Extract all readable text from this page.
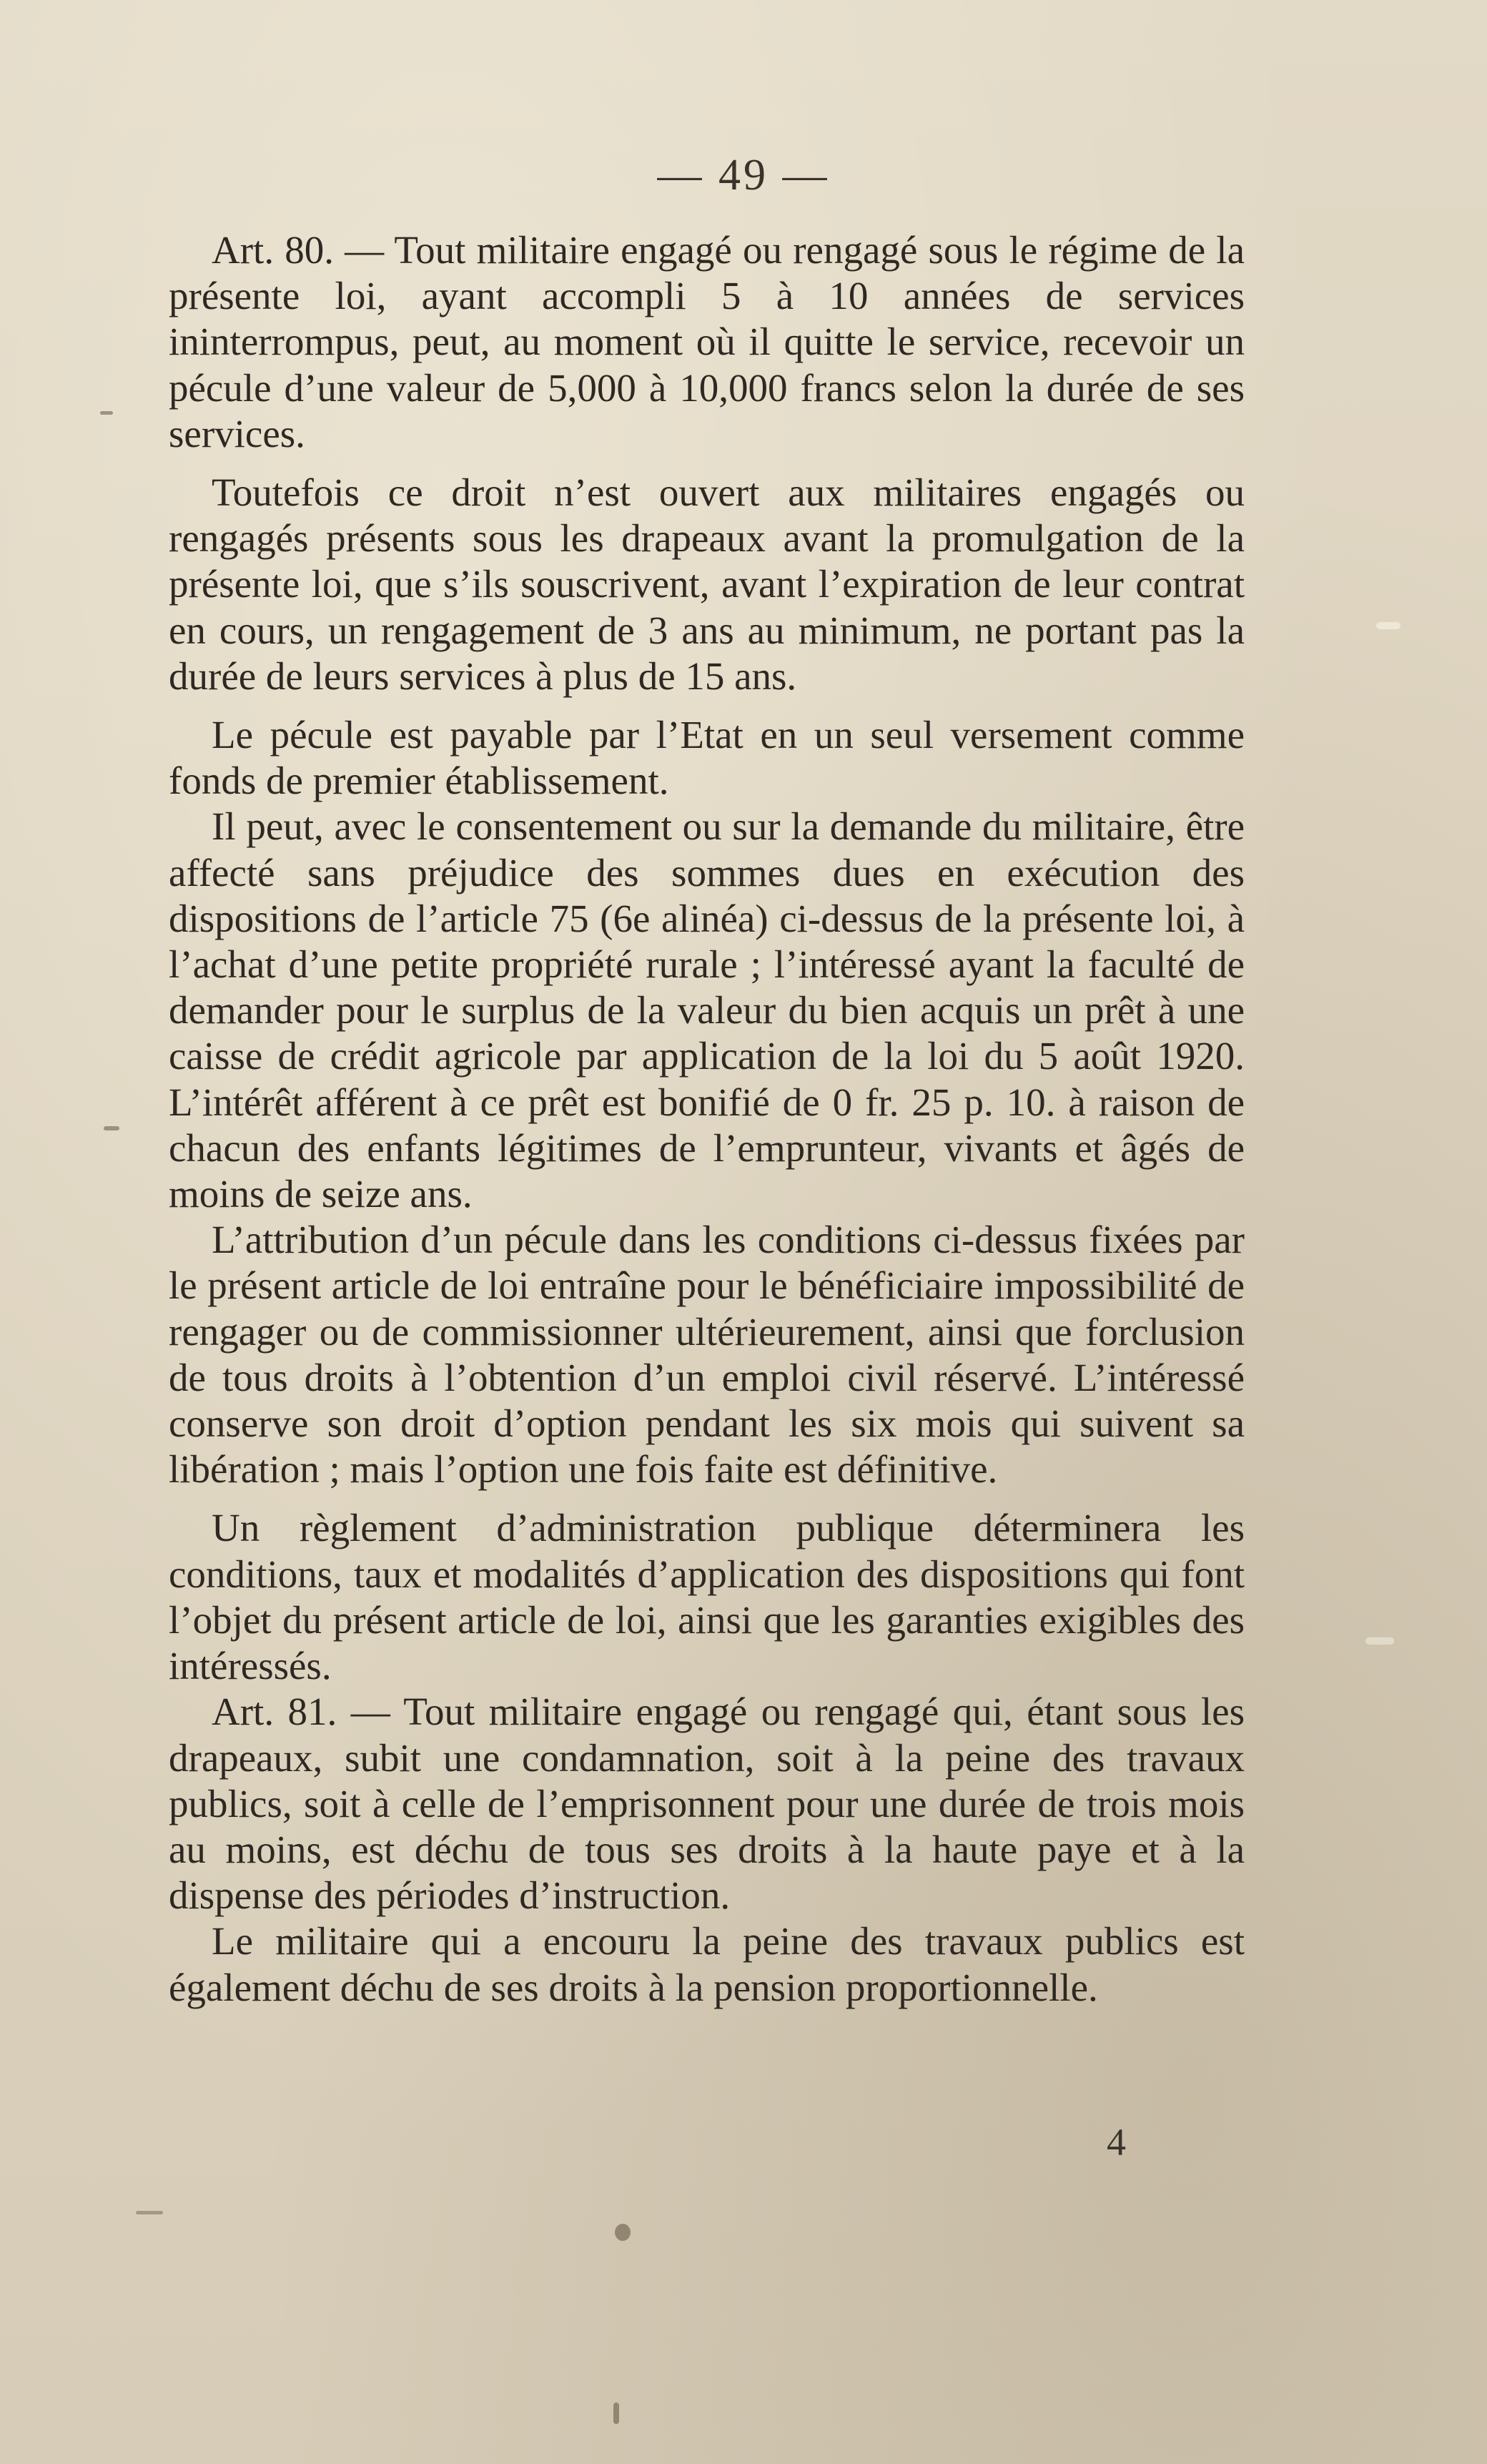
— 49 —

Art. 80. — Tout militaire engagé ou rengagé sous le régime de la présente loi, ayant accompli 5 à 10 années de services ininterrompus, peut, au moment où il quitte le service, recevoir un pécule d’une valeur de 5,000 à 10,000 francs selon la durée de ses services.

Toutefois ce droit n’est ouvert aux militaires engagés ou rengagés présents sous les drapeaux avant la promulgation de la présente loi, que s’ils souscrivent, avant l’expiration de leur contrat en cours, un rengagement de 3 ans au minimum, ne portant pas la durée de leurs services à plus de 15 ans.

Le pécule est payable par l’Etat en un seul versement comme fonds de premier établissement.

Il peut, avec le consentement ou sur la demande du militaire, être affecté sans préjudice des sommes dues en exécution des dispositions de l’article 75 (6e alinéa) ci-dessus de la présente loi, à l’achat d’une petite propriété rurale ; l’intéressé ayant la faculté de demander pour le surplus de la valeur du bien acquis un prêt à une caisse de crédit agricole par application de la loi du 5 août 1920. L’intérêt afférent à ce prêt est bonifié de 0 fr. 25 p. 10. à raison de chacun des enfants légitimes de l’emprunteur, vivants et âgés de moins de seize ans.

L’attribution d’un pécule dans les conditions ci-dessus fixées par le présent article de loi entraîne pour le bénéficiaire impossibilité de rengager ou de commissionner ultérieurement, ainsi que forclusion de tous droits à l’obtention d’un emploi civil réservé. L’intéressé conserve son droit d’option pendant les six mois qui suivent sa libération ; mais l’option une fois faite est définitive.

Un règlement d’administration publique déterminera les conditions, taux et modalités d’application des dispositions qui font l’objet du présent article de loi, ainsi que les garanties exigibles des intéressés.

Art. 81. — Tout militaire engagé ou rengagé qui, étant sous les drapeaux, subit une condamnation, soit à la peine des travaux publics, soit à celle de l’emprisonnent pour une durée de trois mois au moins, est déchu de tous ses droits à la haute paye et à la dispense des périodes d’instruction.

Le militaire qui a encouru la peine des travaux publics est également déchu de ses droits à la pension proportionnelle.

4
